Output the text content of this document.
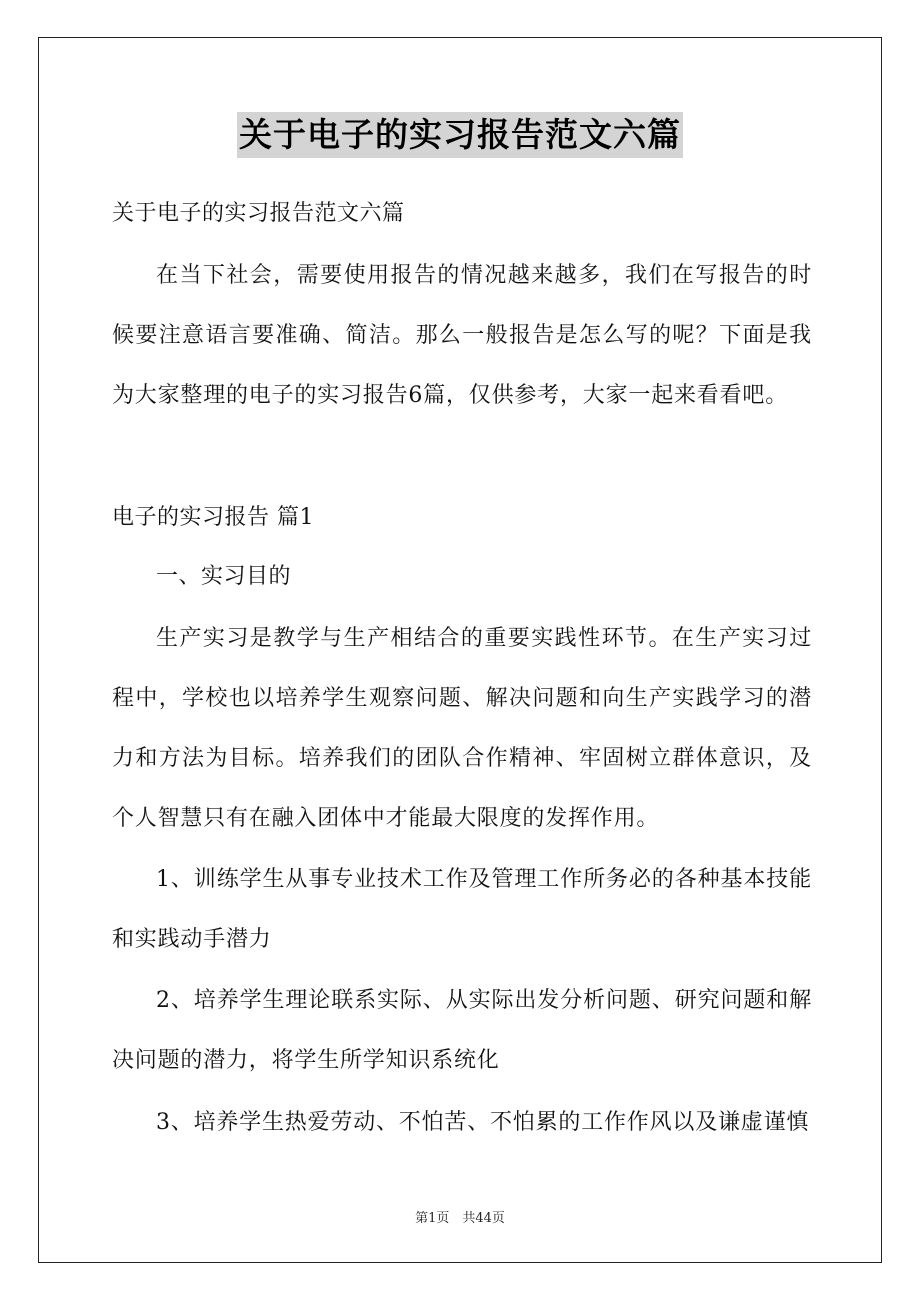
关于电子的实习报告范文六篇
关于电子的实习报告范文六篇
在当下社会，需要使用报告的情况越来越多，我们在写报告的时候要注意语言要准确、简洁。那么一般报告是怎么写的呢？下面是我为大家整理的电子的实习报告6篇，仅供参考，大家一起来看看吧。
电子的实习报告 篇1
一、实习目的
生产实习是教学与生产相结合的重要实践性环节。在生产实习过程中，学校也以培养学生观察问题、解决问题和向生产实践学习的潜力和方法为目标。培养我们的团队合作精神、牢固树立群体意识，及个人智慧只有在融入团体中才能最大限度的发挥作用。
1、训练学生从事专业技术工作及管理工作所务必的各种基本技能和实践动手潜力
2、培养学生理论联系实际、从实际出发分析问题、研究问题和解决问题的潜力，将学生所学知识系统化
3、培养学生热爱劳动、不怕苦、不怕累的工作作风以及谦虚谨慎
第1页　共44页
